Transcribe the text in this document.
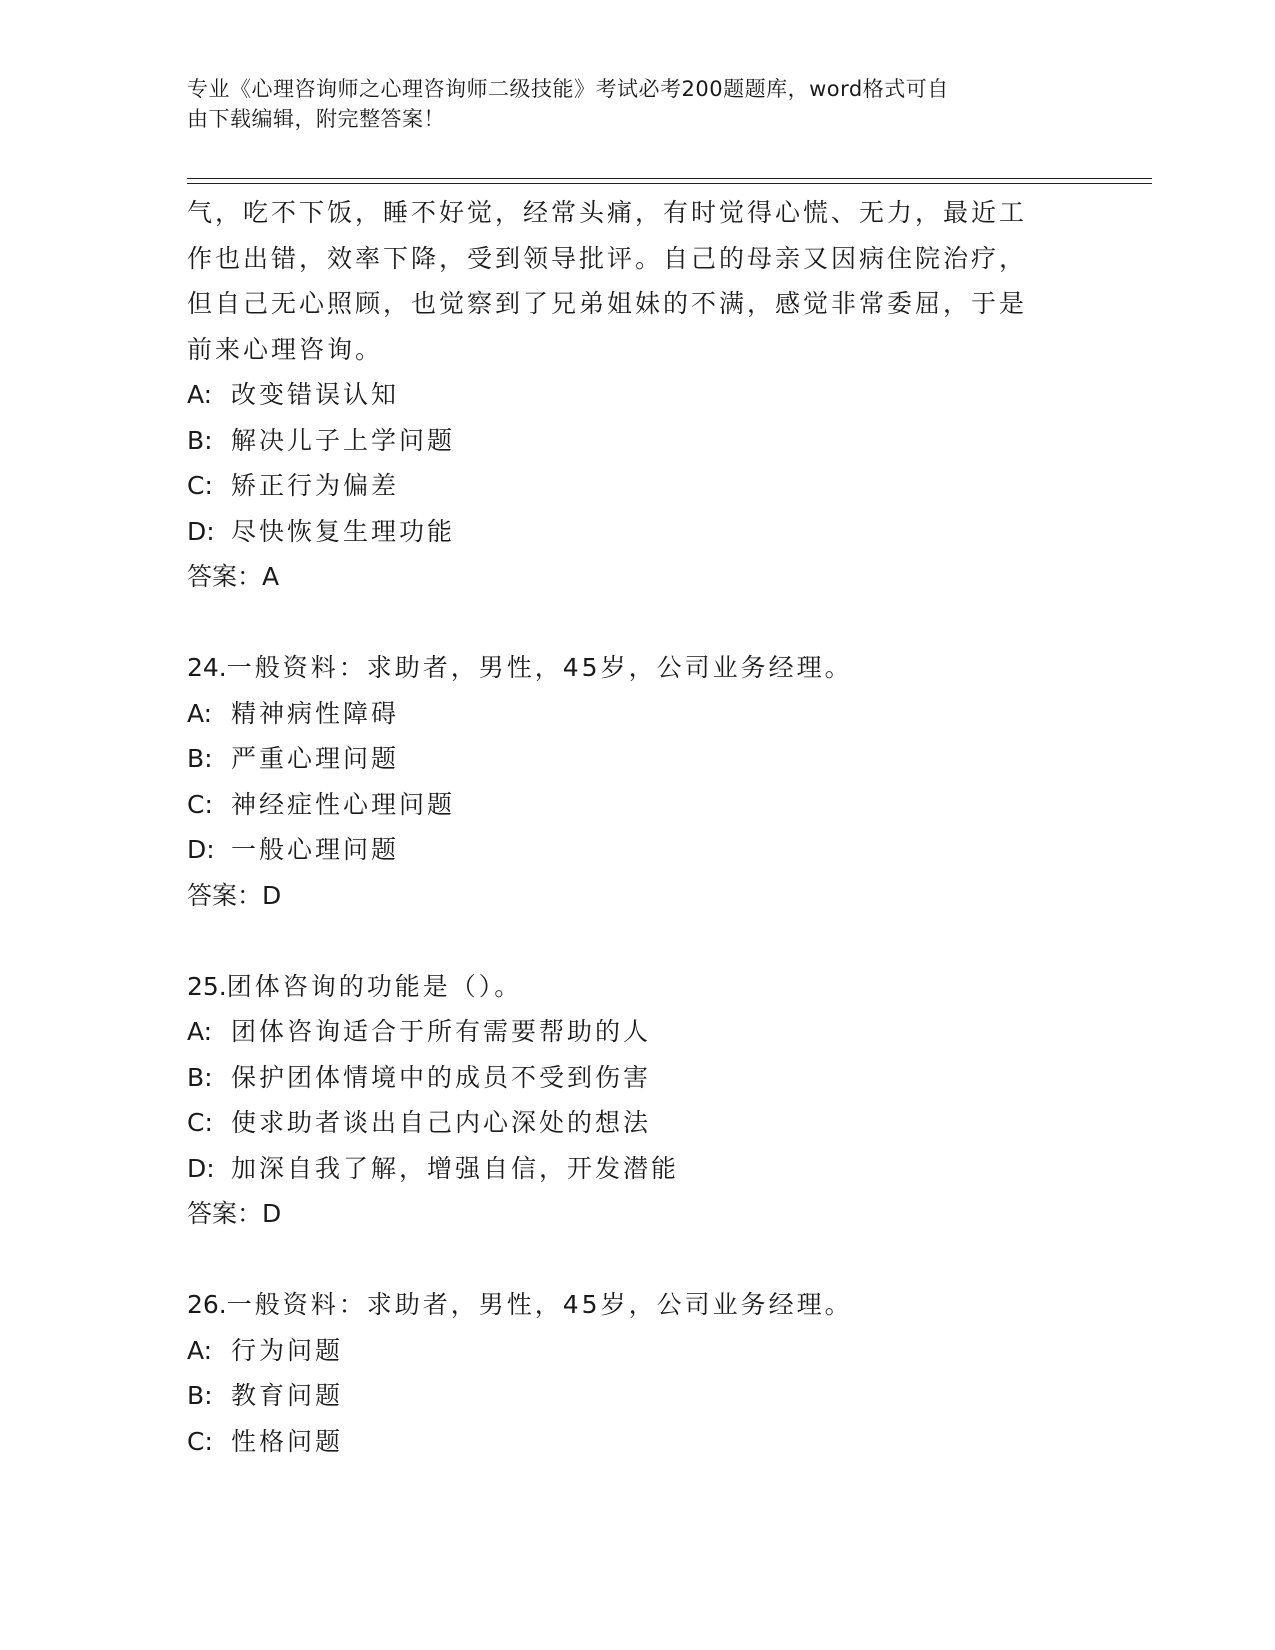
专业《心理咨询师之心理咨询师二级技能》考试必考200题题库，word格式可自
由下载编辑，附完整答案！
气，吃不下饭，睡不好觉，经常头痛，有时觉得心慌、无力，最近工
作也出错，效率下降，受到领导批评。自己的母亲又因病住院治疗，
但自己无心照顾，也觉察到了兄弟姐妹的不满，感觉非常委屈，于是
前来心理咨询。
A: 改变错误认知
B: 解决儿子上学问题
C: 矫正行为偏差
D: 尽快恢复生理功能
答案：A
24.一般资料：求助者，男性，45岁，公司业务经理。
A: 精神病性障碍
B: 严重心理问题
C: 神经症性心理问题
D: 一般心理问题
答案：D
25.团体咨询的功能是（）。
A: 团体咨询适合于所有需要帮助的人
B: 保护团体情境中的成员不受到伤害
C: 使求助者谈出自己内心深处的想法
D: 加深自我了解，增强自信，开发潜能
答案：D
26.一般资料：求助者，男性，45岁，公司业务经理。
A: 行为问题
B: 教育问题
C: 性格问题
